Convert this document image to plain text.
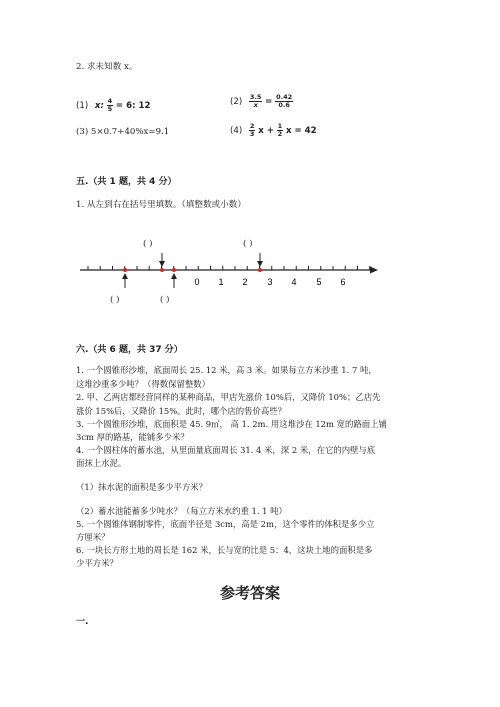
2. 求未知数 x。
(1) x: $\frac{4}{5} = 6$: 12	$(2) \frac{3.5}{x} = \frac{0.42}{0.6}$
(3) 5×0.7+40%x=9.1	$(4) \frac{2}{3}$ $x + \frac{1}{2}$ x = 42
五.（共 1 题，共 4 分）
1. 从左到右在括号里填数。（填整数或小数）
( )	( )
( )	( )
0 1 2 3 4 5 6
六.（共 6 题，共 37 分）
1. 一个圆锥形沙堆，底面周长 25. 12 米，高 3 米。如果每立方米沙重 1. 7 吨，
这堆沙重多少吨？（得数保留整数）
2. 甲、乙两店都经营同样的某种商品，甲店先涨价 10%后，又降价 10%；乙店先
涨价 15%后，又降价 15%。此时，哪个店的售价高些？
3. 一个圆锥形沙堆，底面积是 45. 9㎡， 高 1. 2m. 用这堆沙在 12m 宽的路面上铺
3cm 厚的路基，能铺多少米？
4. 一个圆柱体的蓄水池，从里面量底面周长 31. 4 米，深 2 米，在它的内壁与底
面抹上水泥。
（1）抹水泥的面积是多少平方米？
（2）蓄水池能蓄多少吨水？（每立方米水约重 1. 1 吨）
5. 一个圆锥体钢制零件，底面半径是 3cm，高是 2m，这个零件的体积是多少立
方厘米？
6. 一块长方形土地的周长是 162 米，长与宽的比是 5：4，这块土地的面积是多
少平方米？
参考答案
一.
